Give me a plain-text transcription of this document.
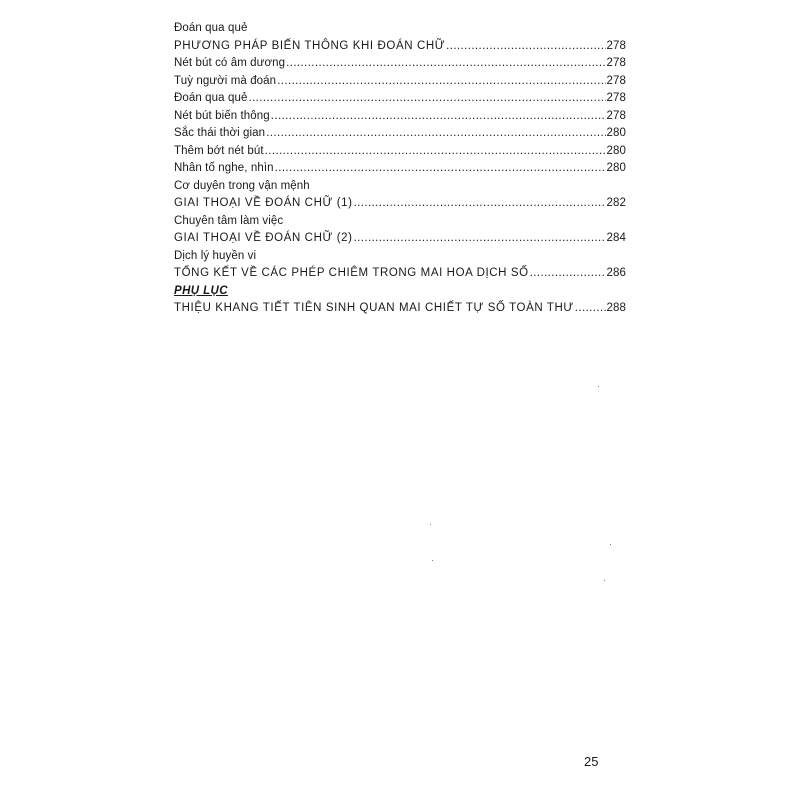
Đoán qua quẻ
PHƯƠNG PHÁP BIẾN THÔNG KHI ĐOÁN CHỮ .....	278
Nét bút có âm dương .....	278
Tuỳ người mà đoán .....	278
Đoán qua quẻ .....	278
Nét bút biến thông .....	278
Sắc thái thời gian .....	280
Thêm bớt nét bút .....	280
Nhân tố nghe, nhìn .....	280
Cơ duyên trong vận mệnh
GIAI THOẠI VỀ ĐOÁN CHỮ (1) .....	282
Chuyên tâm làm việc
GIAI THOẠI VỀ ĐOÁN CHỮ (2) .....	284
Dịch lý huyền vi
TỔNG KẾT VỀ CÁC PHÉP CHIÊM TRONG MAI HOA DỊCH SỐ .....	286
PHỤ LỤC
THIỆU KHANG TIẾT TIÊN SINH QUAN MAI CHIẾT TỰ SỐ TOÀN THƯ .....	288
25
